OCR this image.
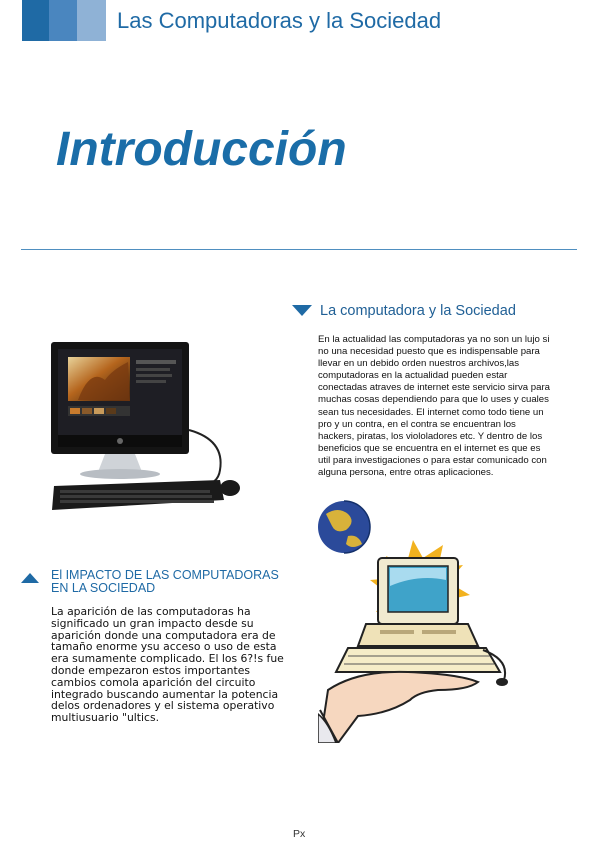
Las Computadoras y la Sociedad
Introducción
La computadora y la Sociedad
En la actualidad las computadoras ya no son un lujo si no una necesidad puesto que es indispensable para llevar en un debido orden nuestros archivos,las computadoras en la actualidad pueden estar conectadas atraves de internet este servicio sirva para muchas cosas dependiendo para que lo uses y cuales sean tus necesidades. El internet como todo tiene un pro y un contra, en el contra se encuentran los hackers, piratas, los viololadores etc. Y dentro de los beneficios que se encuentra en el internet es que es util para investigaciones o para estar comunicado con alguna persona, entre otras aplicaciones.
El IMPACTO DE LAS COMPUTADORAS EN LA SOCIEDAD
La aparición de las computadoras ha significado un gran impacto desde su aparición donde una computadora era de tamaño enorme ysu acceso o uso de esta era sumamente complicado. El los 6?!s fue donde empezaron estos importantes cambios comola aparición del circuito integrado buscando aumentar la potencia delos ordenadores y el sistema operativo multiusuario "ultics.
Px
